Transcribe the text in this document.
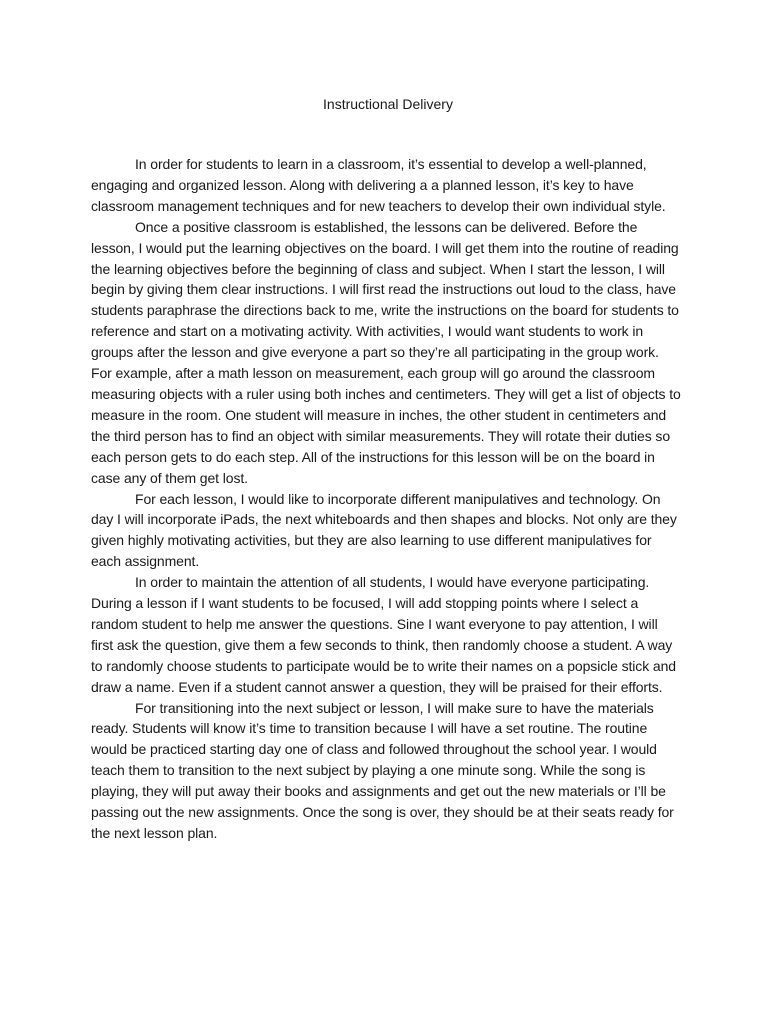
Instructional Delivery

In order for students to learn in a classroom, it’s essential to develop a well-planned, engaging and organized lesson. Along with delivering a a planned lesson, it’s key to have classroom management techniques and for new teachers to develop their own individual style.

Once a positive classroom is established, the lessons can be delivered. Before the lesson, I would put the learning objectives on the board. I will get them into the routine of reading the learning objectives before the beginning of class and subject. When I start the lesson, I will begin by giving them clear instructions. I will first read the instructions out loud to the class, have students paraphrase the directions back to me, write the instructions on the board for students to reference and start on a motivating activity. With activities, I would want students to work in groups after the lesson and give everyone a part so they’re all participating in the group work. For example, after a math lesson on measurement, each group will go around the classroom measuring objects with a ruler using both inches and centimeters. They will get a list of objects to measure in the room. One student will measure in inches, the other student in centimeters and the third person has to find an object with similar measurements. They will rotate their duties so each person gets to do each step. All of the instructions for this lesson will be on the board in case any of them get lost.

For each lesson, I would like to incorporate different manipulatives and technology. On day I will incorporate iPads, the next whiteboards and then shapes and blocks. Not only are they given highly motivating activities, but they are also learning to use different manipulatives for each assignment.

In order to maintain the attention of all students, I would have everyone participating. During a lesson if I want students to be focused, I will add stopping points where I select a random student to help me answer the questions. Sine I want everyone to pay attention, I will first ask the question, give them a few seconds to think, then randomly choose a student. A way to randomly choose students to participate would be to write their names on a popsicle stick and draw a name. Even if a student cannot answer a question, they will be praised for their efforts.

For transitioning into the next subject or lesson, I will make sure to have the materials ready. Students will know it’s time to transition because I will have a set routine. The routine would be practiced starting day one of class and followed throughout the school year. I would teach them to transition to the next subject by playing a one minute song. While the song is playing, they will put away their books and assignments and get out the new materials or I’ll be passing out the new assignments. Once the song is over, they should be at their seats ready for the next lesson plan.
